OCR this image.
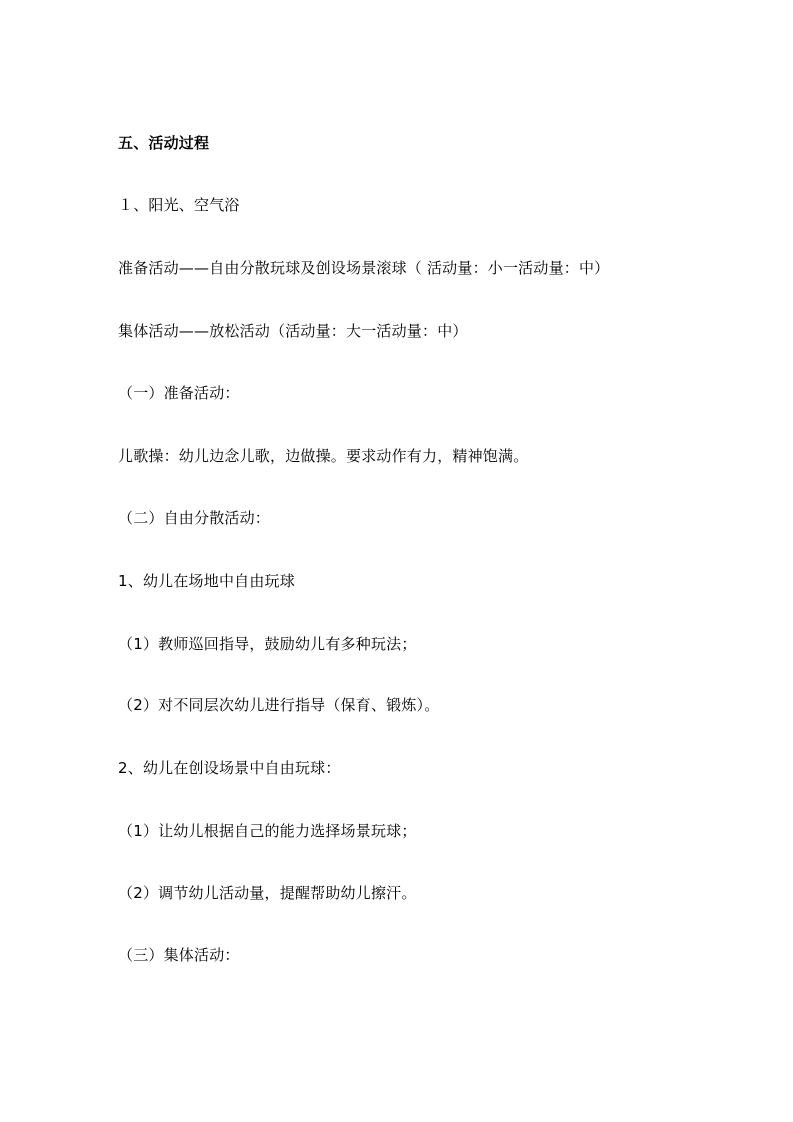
五、活动过程
１、阳光、空气浴
准备活动——自由分散玩球及创设场景滚球（ 活动量：小一活动量：中）
集体活动——放松活动（活动量：大一活动量：中）
（一）准备活动：
儿歌操：幼儿边念儿歌，边做操。要求动作有力，精神饱满。
（二）自由分散活动：
1、幼儿在场地中自由玩球
（1）教师巡回指导，鼓励幼儿有多种玩法；
（2）对不同层次幼儿进行指导（保育、锻炼）。
2、幼儿在创设场景中自由玩球：
（1）让幼儿根据自己的能力选择场景玩球；
（2）调节幼儿活动量，提醒帮助幼儿擦汗。
（三）集体活动：
